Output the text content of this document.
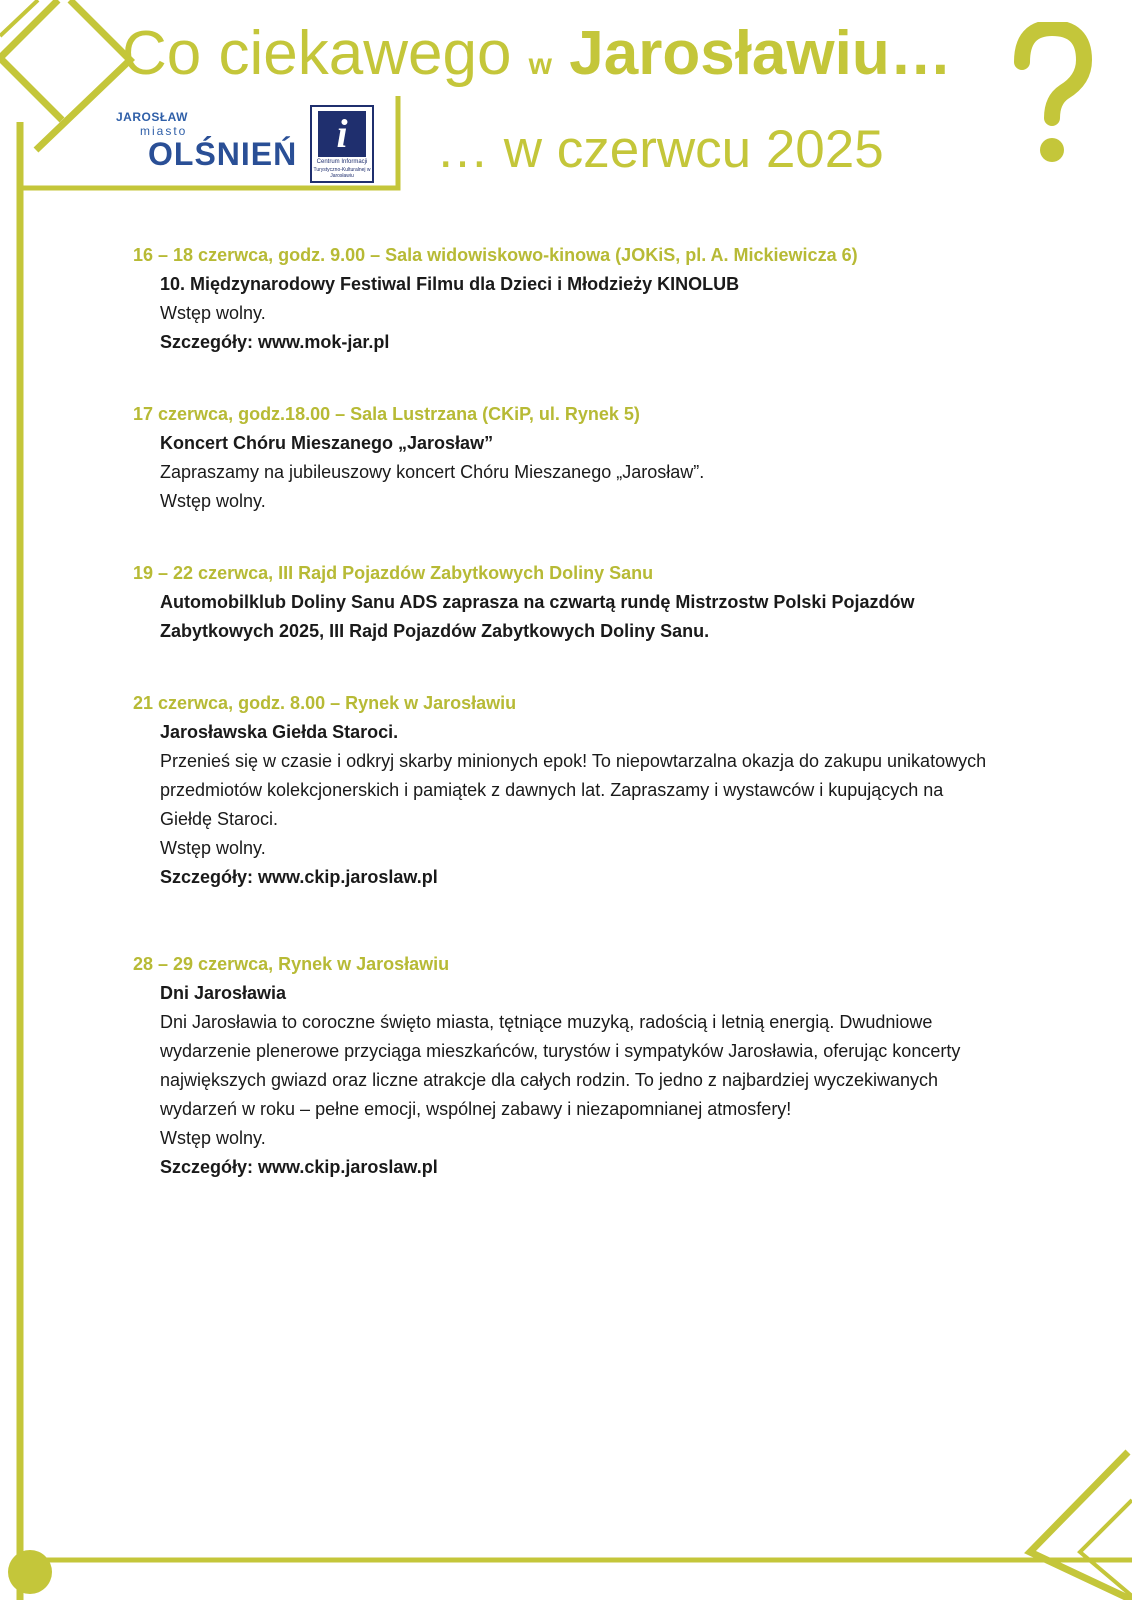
Co ciekawego w Jarosławiu…
… w czerwcu 2025
JAROSŁAW
miasto
OLŚNIEŃ i
Centrum Informacji
Turystyczno-Kulturalnej w Jarosławiu

16 – 18 czerwca, godz. 9.00 – Sala widowiskowo-kinowa (JOKiS, pl. A. Mickiewicza 6)

10. Międzynarodowy Festiwal Filmu dla Dzieci i Młodzieży KINOLUB

Wstęp wolny.

Szczegóły: www.mok-jar.pl

17 czerwca, godz.18.00 – Sala Lustrzana (CKiP, ul. Rynek 5)

Koncert Chóru Mieszanego „Jarosław”

Zapraszamy na jubileuszowy koncert Chóru Mieszanego „Jarosław”.

Wstęp wolny.

19 – 22 czerwca, III Rajd Pojazdów Zabytkowych Doliny Sanu

Automobilklub Doliny Sanu ADS zaprasza na czwartą rundę Mistrzostw Polski Pojazdów Zabytkowych 2025, III Rajd Pojazdów Zabytkowych Doliny Sanu.

21 czerwca, godz. 8.00 – Rynek w Jarosławiu

Jarosławska Giełda Staroci.

Przenieś się w czasie i odkryj skarby minionych epok! To niepowtarzalna okazja do zakupu unikatowych przedmiotów kolekcjonerskich i pamiątek z dawnych lat. Zapraszamy i wystawców i kupujących na Giełdę Staroci.

Wstęp wolny.

Szczegóły: www.ckip.jaroslaw.pl

28 – 29 czerwca, Rynek w Jarosławiu

Dni Jarosławia

Dni Jarosławia to coroczne święto miasta, tętniące muzyką, radością i letnią energią. Dwudniowe wydarzenie plenerowe przyciąga mieszkańców, turystów i sympatyków Jarosławia, oferując koncerty największych gwiazd oraz liczne atrakcje dla całych rodzin. To jedno z najbardziej wyczekiwanych wydarzeń w roku – pełne emocji, wspólnej zabawy i niezapomnianej atmosfery!

Wstęp wolny.

Szczegóły: www.ckip.jaroslaw.pl
